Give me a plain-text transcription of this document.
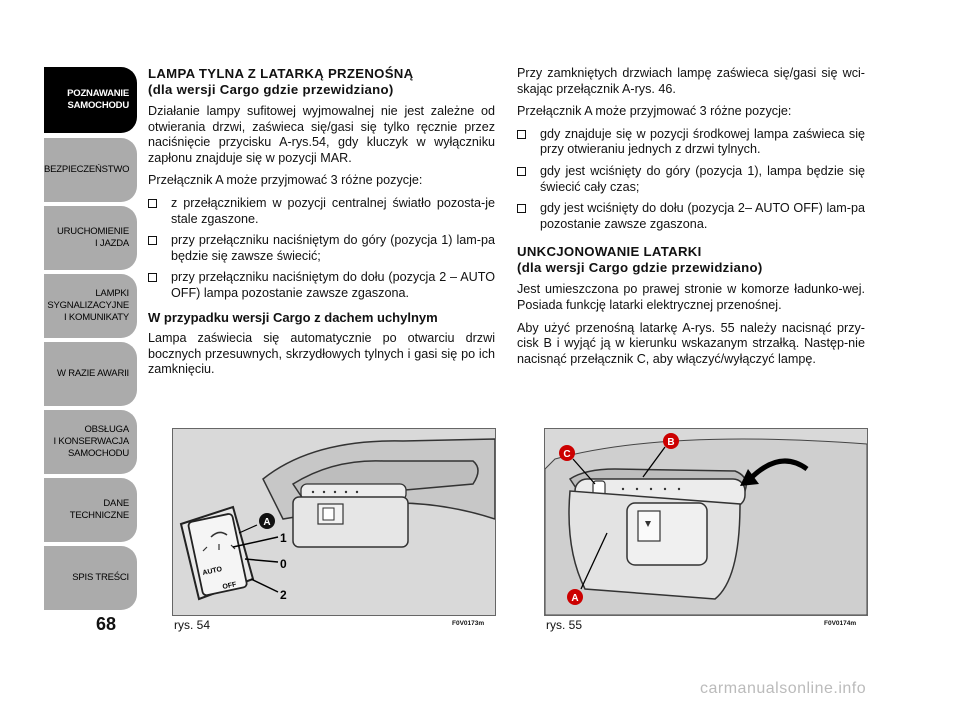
POZNAWANIE
SAMOCHODU
BEZPIECZEŃSTWO
URUCHOMIENIE
I JAZDA
LAMPKI
SYGNALIZACYJNE
I KOMUNIKATY
W RAZIE AWARII
OBSŁUGA
I KONSERWACJA
SAMOCHODU
DANE
TECHNICZNE
SPIS TREŚCI
68
LAMPA TYLNA Z LATARKĄ PRZENOŚNĄ
(dla wersji Cargo gdzie przewidziano)

Działanie lampy sufitowej wyjmowalnej nie jest zależne od otwierania drzwi, zaświeca się/gasi się tylko ręcznie przez naciśnięcie przycisku A-rys.54, gdy kluczyk w wyłączniku zapłonu znajduje się w pozycji MAR.

Przełącznik A może przyjmować 3 różne pozycje:

z przełącznikiem w pozycji centralnej światło pozosta-je stale zgaszone.
przy przełączniku naciśniętym do góry (pozycja 1) lam-pa będzie się zawsze świecić;
przy przełączniku naciśniętym do dołu (pozycja 2 – AUTO OFF) lampa pozostanie zawsze zgaszona.
W przypadku wersji Cargo z dachem uchylnym

Lampa zaświecia się automatycznie po otwarciu drzwi bocznych przesuwnych, skrzydłowych tylnych i gasi się po ich zamknięciu.

Przy zamkniętych drzwiach lampę zaświeca się/gasi się wci-skając przełącznik A-rys. 46.

Przełącznik A może przyjmować 3 różne pozycje:

gdy znajduje się w pozycji środkowej lampa zaświeca się przy otwieraniu jednych z drzwi tylnych.
gdy jest wciśnięty do góry (pozycja 1), lampa będzie się świecić cały czas;
gdy jest wciśnięty do dołu (pozycja 2– AUTO OFF) lam-pa pozostanie zawsze zgaszona.
UNKCJONOWANIE LATARKI
(dla wersji Cargo gdzie przewidziano)

Jest umieszczona po prawej stronie w komorze ładunko-wej. Posiada funkcję latarki elektrycznej przenośnej.

Aby użyć przenośną latarkę A-rys. 55 należy nacisnąć przy-cisk B i wyjąć ją w kierunku wskazanym strzałką. Następ-nie nacisnąć przełącznik C, aby włączyć/wyłączyć lampę.

A
1
0
2
AUTO
OFF
rys. 54	F0V0173m
B
C
A
rys. 55	F0V0174m
carmanualsonline.info
